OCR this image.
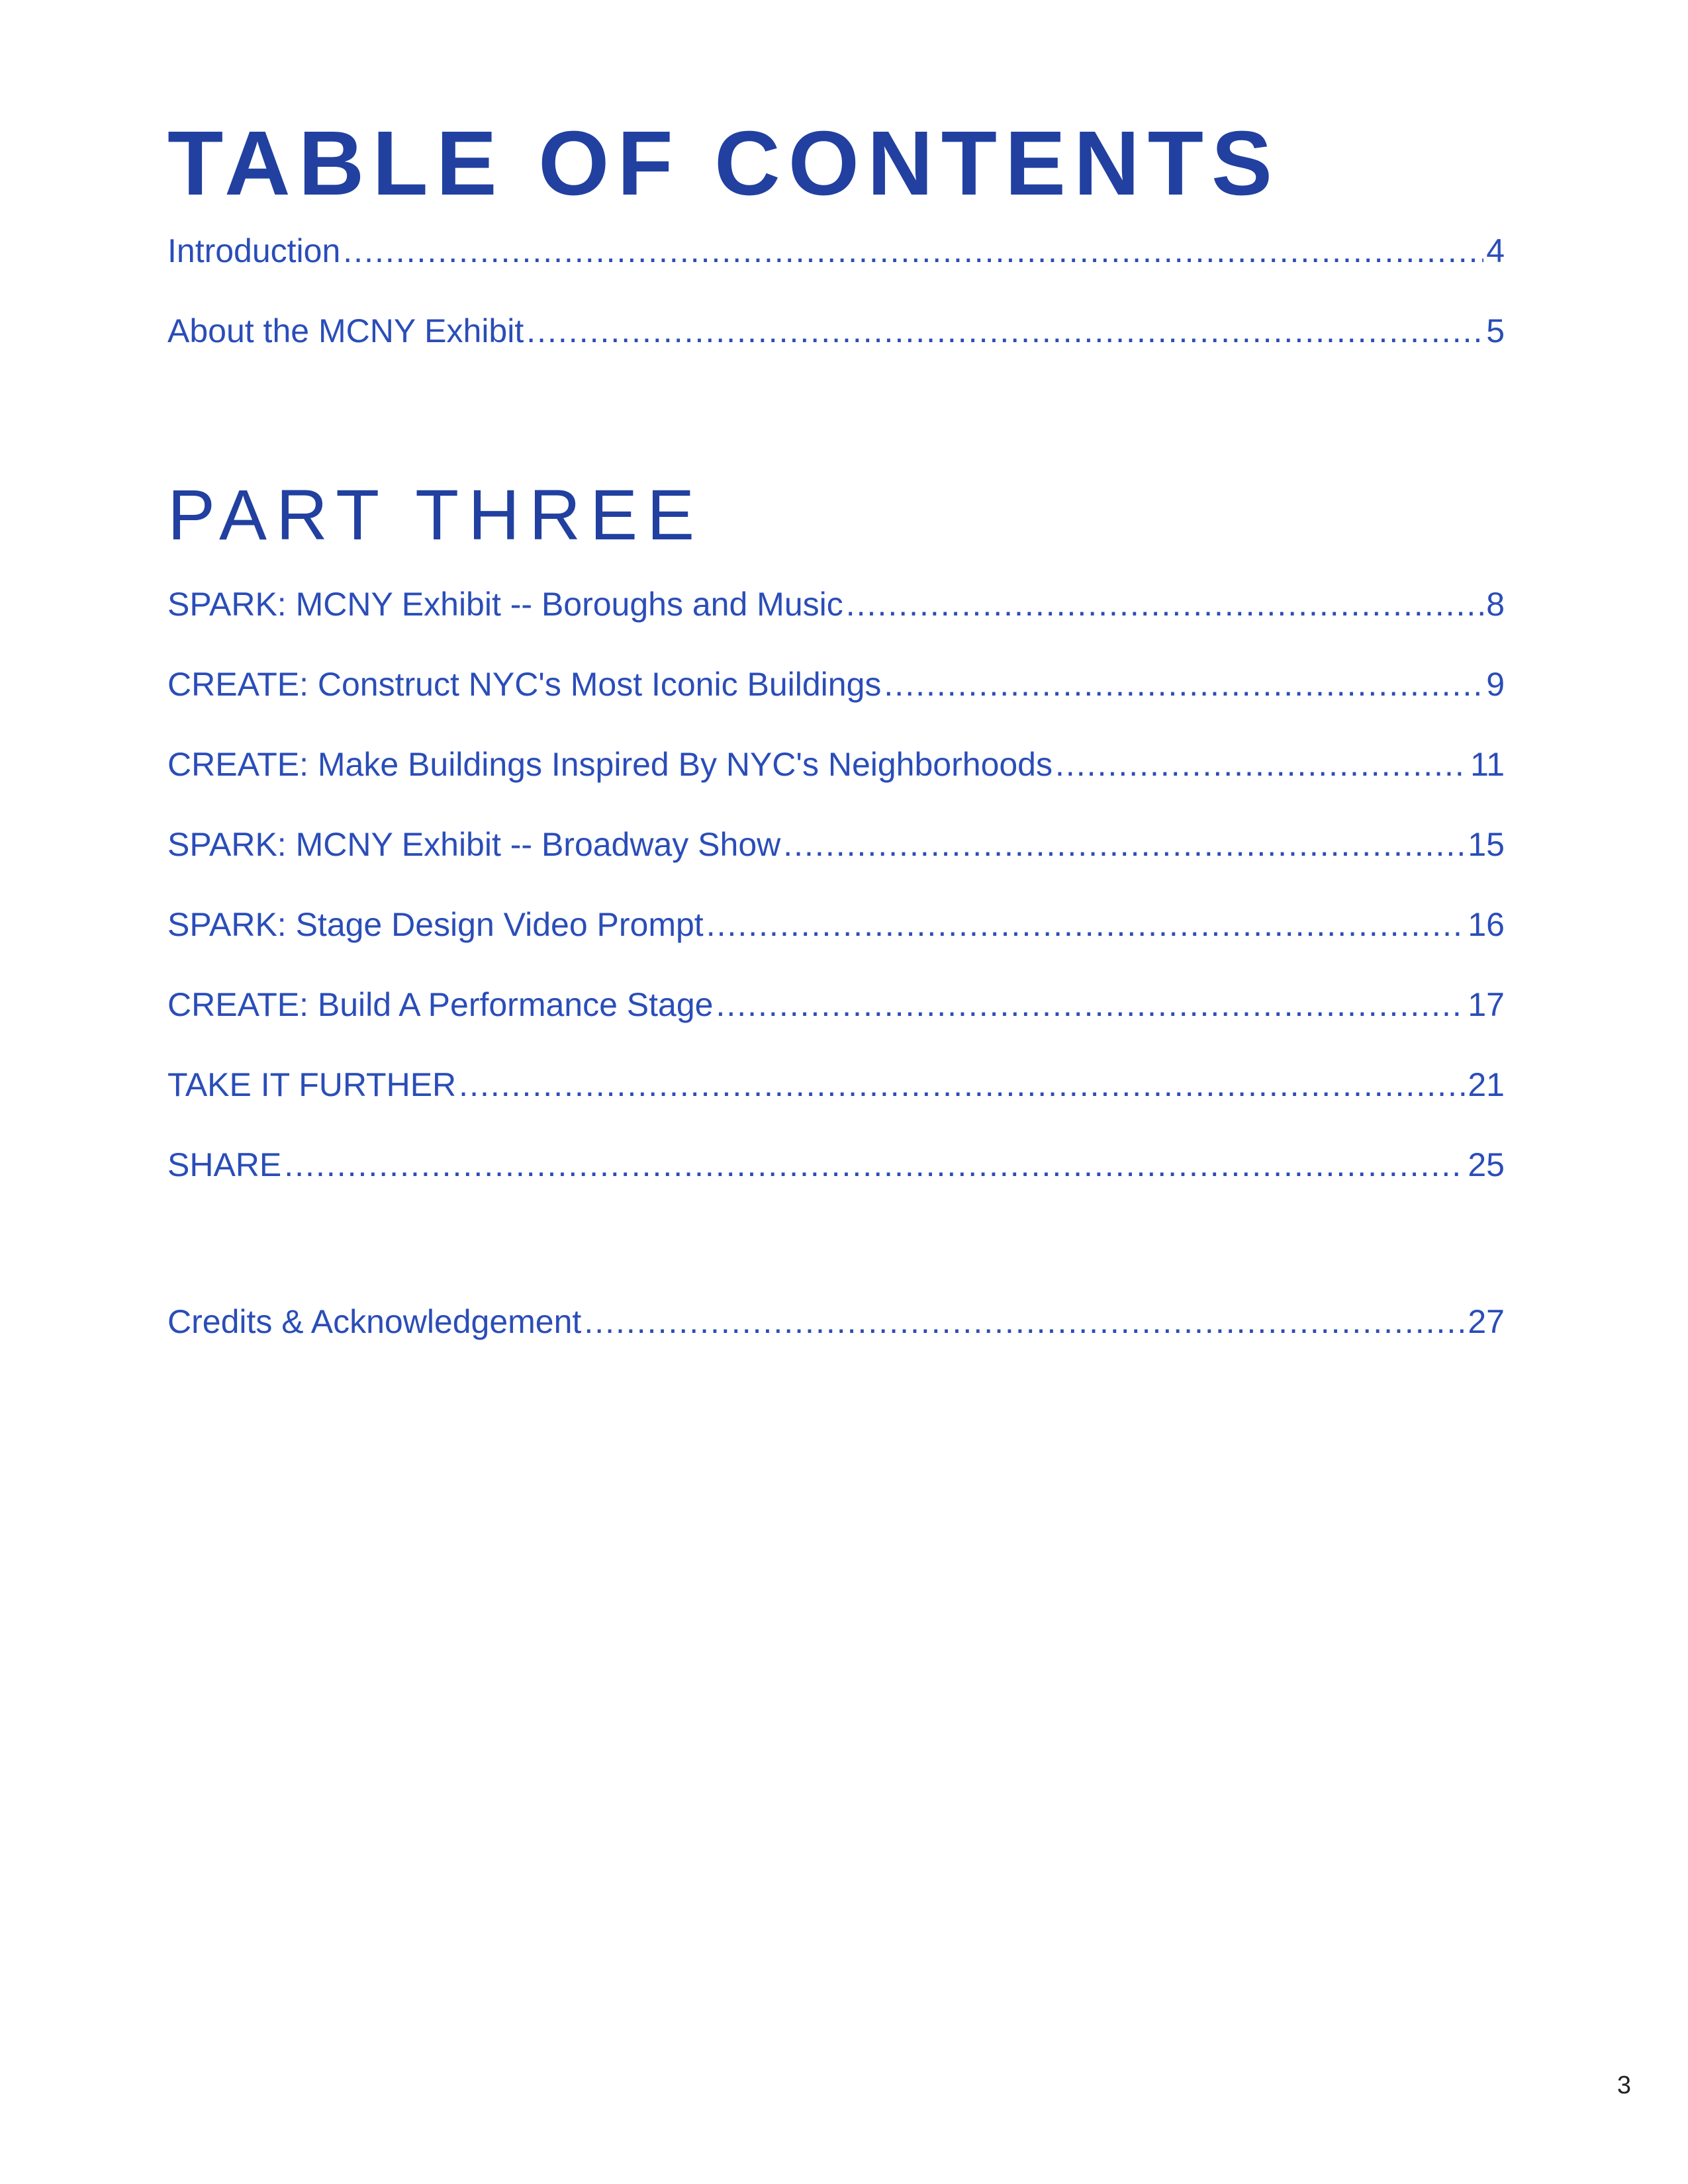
TABLE OF CONTENTS
Introduction .....	4
About the MCNY Exhibit .....	5
PART THREE
SPARK: MCNY Exhibit -- Boroughs and Music .....	8
CREATE: Construct NYC's Most Iconic Buildings .....	9
CREATE: Make Buildings Inspired By NYC's Neighborhoods .....	11
SPARK: MCNY Exhibit -- Broadway Show .....	15
SPARK: Stage Design Video Prompt .....	16
CREATE: Build A Performance Stage .....	17
TAKE IT FURTHER .....	21
SHARE .....	25
Credits & Acknowledgement .....	27
3
